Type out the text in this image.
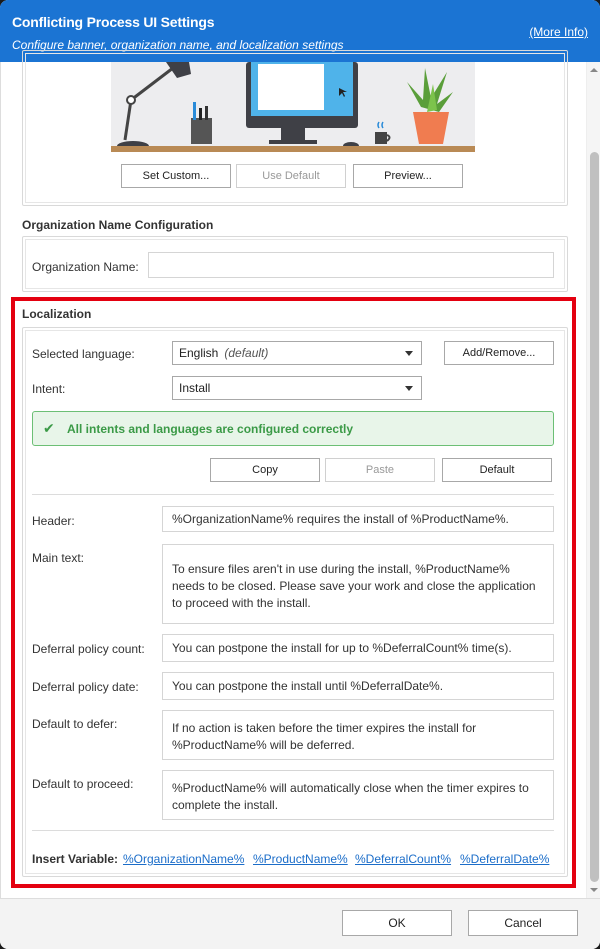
Conflicting Process UI Settings
Configure banner, organization name, and localization settings
(More Info)
Set Custom...	Use Default	Preview...
Organization Name Configuration
Organization Name:
Localization
Selected language:	English (default)	Add/Remove...
Intent:	Install
✔ All intents and languages are configured correctly
Copy	Paste	Default
Header:	%OrganizationName% requires the install of %ProductName%.
Main text:
To ensure files aren't in use during the install, %ProductName% needs to be closed. Please save your work and close the application to proceed with the install.
Deferral policy count:	You can postpone the install for up to %DeferralCount% time(s).
Deferral policy date:	You can postpone the install until %DeferralDate%.
Default to defer:	If no action is taken before the timer expires the install for %ProductName% will be deferred.
Default to proceed:	%ProductName% will automatically close when the timer expires to complete the install.
Insert Variable: %OrganizationName% %ProductName% %DeferralCount% %DeferralDate%
OK	Cancel
